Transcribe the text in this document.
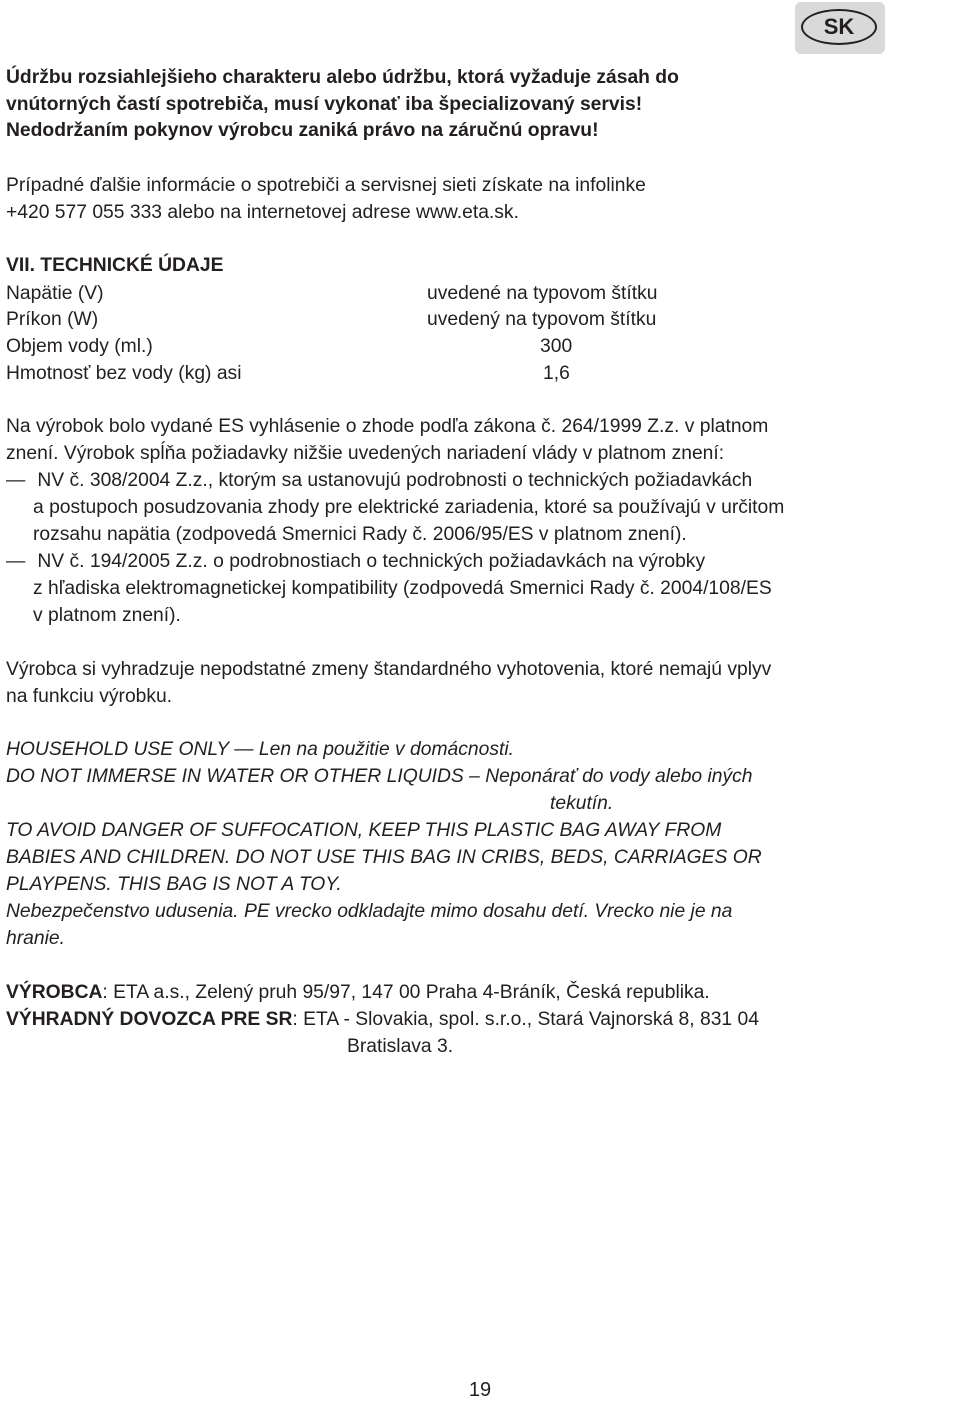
SK
Údržbu rozsiahlejšieho charakteru alebo údržbu, ktorá vyžaduje zásah do
vnútorných častí spotrebiča, musí vykonať iba špecializovaný servis!
Nedodržaním pokynov výrobcu zaniká právo na záručnú opravu!
Prípadné ďalšie informácie o spotrebiči a servisnej sieti získate na infolinke
+420 577 055 333 alebo na internetovej adrese www.eta.sk.
VII. TECHNICKÉ ÚDAJE
Napätie (V)	uvedené na typovom štítku
Príkon (W)	uvedený na typovom štítku
Objem vody (ml.)	300
Hmotnosť bez vody (kg) asi	1,6
Na výrobok bolo vydané ES vyhlásenie o zhode podľa zákona č. 264/1999 Z.z. v platnom
znení. Výrobok spĺňa požiadavky nižšie uvedených nariadení vlády v platnom znení:
— NV č. 308/2004 Z.z., ktorým sa ustanovujú podrobnosti o technických požiadavkách
a postupoch posudzovania zhody pre elektrické zariadenia, ktoré sa používajú v určitom
rozsahu napätia (zodpovedá Smernici Rady č. 2006/95/ES v platnom znení).
— NV č. 194/2005 Z.z. o podrobnostiach o technických požiadavkách na výrobky
z hľadiska elektromagnetickej kompatibility (zodpovedá Smernici Rady č. 2004/108/ES
v platnom znení).
Výrobca si vyhradzuje nepodstatné zmeny štandardného vyhotovenia, ktoré nemajú vplyv
na funkciu výrobku.
HOUSEHOLD USE ONLY — Len na použitie v domácnosti.
DO NOT IMMERSE IN WATER OR OTHER LIQUIDS – Neponárať do vody alebo iných
tekutín.
TO AVOID DANGER OF SUFFOCATION, KEEP THIS PLASTIC BAG AWAY FROM
BABIES AND CHILDREN. DO NOT USE THIS BAG IN CRIBS, BEDS, CARRIAGES OR
PLAYPENS. THIS BAG IS NOT A TOY.
Nebezpečenstvo udusenia. PE vrecko odkladajte mimo dosahu detí. Vrecko nie je na
hranie.
VÝROBCA: ETA a.s., Zelený pruh 95/97, 147 00 Praha 4-Bráník, Česká republika.
VÝHRADNÝ DOVOZCA PRE SR: ETA - Slovakia, spol. s.r.o., Stará Vajnorská 8, 831 04
Bratislava 3.
19
